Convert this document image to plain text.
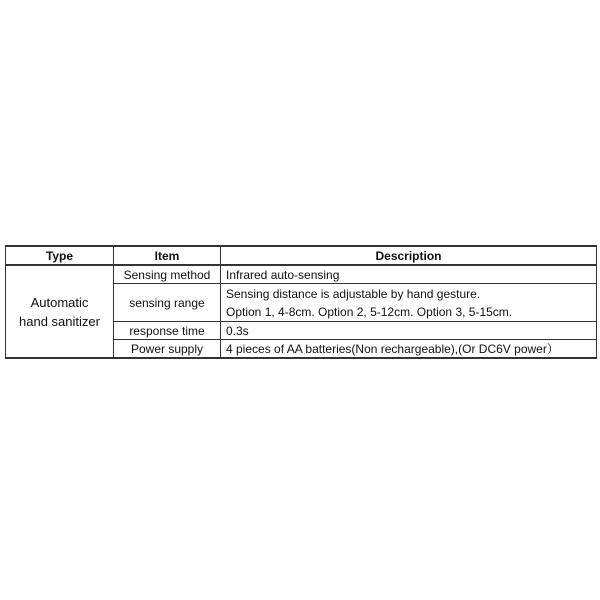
Type	Item	Description

Automatic
hand sanitizer	Sensing method	Infrared auto-sensing

	sensing range	Sensing distance is adjustable by hand gesture.
Option 1, 4-8cm. Option 2, 5-12cm. Option 3, 5-15cm.

	response time	0.3s

	Power supply	4 pieces of AA batteries(Non rechargeable),(Or DC6V power）
